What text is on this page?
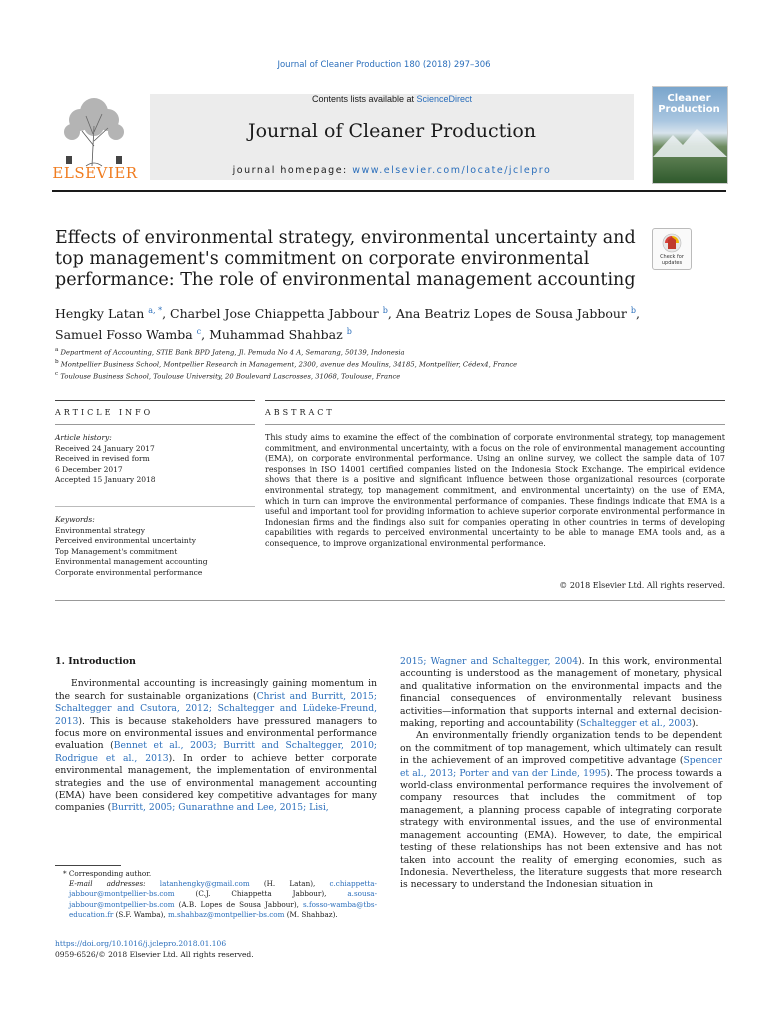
Journal of Cleaner Production 180 (2018) 297–306
ELSEVIER
Contents lists available at ScienceDirect
Journal of Cleaner Production
journal homepage: www.elsevier.com/locate/jclepro
Cleaner Production
Effects of environmental strategy, environmental uncertainty and top management's commitment on corporate environmental performance: The role of environmental management accounting
Check for updates
Hengky Latan $^{a, *}$, Charbel Jose Chiappetta Jabbour $^b$, Ana Beatriz Lopes de Sousa Jabbour $^b$,
Samuel Fosso Wamba $^c$, Muhammad Shahbaz $^b$
$^a$ Department of Accounting, STIE Bank BPD Jateng, Jl. Pemuda No 4 A, Semarang, 50139, Indonesia
$^b$ Montpellier Business School, Montpellier Research in Management, 2300, avenue des Moulins, 34185, Montpellier, Cédex4, France
$^c$ Toulouse Business School, Toulouse University, 20 Boulevard Lascrosses, 31068, Toulouse, France
ARTICLE INFO	ABSTRACT
Article history:
Received 24 January 2017
Received in revised form
6 December 2017
Accepted 15 January 2018
Keywords:
Environmental strategy
Perceived environmental uncertainty
Top Management's commitment
Environmental management accounting
Corporate environmental performance
This study aims to examine the effect of the combination of corporate environmental strategy, top management commitment, and environmental uncertainty, with a focus on the role of environmental management accounting (EMA), on corporate environmental performance. Using an online survey, we collect the sample data of 107 responses in ISO 14001 certified companies listed on the Indonesia Stock Exchange. The empirical evidence shows that there is a positive and significant influence between those organizational resources (corporate environmental strategy, top management commitment, and environmental uncertainty) on the use of EMA, which in turn can improve the environmental performance of companies. These findings indicate that EMA is a useful and important tool for providing information to achieve superior corporate environmental performance in Indonesian firms and the findings also suit for companies operating in other countries in terms of developing capabilities with regards to perceived environmental uncertainty to be able to manage EMA tools and, as a consequence, to improve organizational environmental performance.
© 2018 Elsevier Ltd. All rights reserved.
1. Introduction

Environmental accounting is increasingly gaining momentum in the search for sustainable organizations (Christ and Burritt, 2015; Schaltegger and Csutora, 2012; Schaltegger and Lüdeke-Freund, 2013). This is because stakeholders have pressured managers to focus more on environmental issues and environmental performance evaluation (Bennet et al., 2003; Burritt and Schaltegger, 2010; Rodrigue et al., 2013). In order to achieve better corporate environmental management, the implementation of environmental strategies and the use of environmental management accounting (EMA) have been considered key competitive advantages for many companies (Burritt, 2005; Gunarathne and Lee, 2015; Lisi,

2015; Wagner and Schaltegger, 2004). In this work, environmental accounting is understood as the management of monetary, physical and qualitative information on the environmental impacts and the financial consequences of environmentally relevant business activities—information that supports internal and external decision-making, reporting and accountability (Schaltegger et al., 2003).

An environmentally friendly organization tends to be dependent on the commitment of top management, which ultimately can result in the achievement of an improved competitive advantage (Spencer et al., 2013; Porter and van der Linde, 1995). The process towards a world-class environmental performance requires the involvement of company resources that includes the commitment of top management, a planning process capable of integrating corporate strategy with environmental issues, and the use of environmental management accounting (EMA). However, to date, the empirical testing of these relationships has not been extensive and has not taken into account the reality of emerging economies, such as Indonesia. Nevertheless, the literature suggests that more research is necessary to understand the Indonesian situation in

* Corresponding author.
E-mail addresses: latanhengky@gmail.com (H. Latan), c.chiappetta-jabbour@montpellier-bs.com (C.J. Chiappetta Jabbour), a.sousa-jabbour@montpellier-bs.com (A.B. Lopes de Sousa Jabbour), s.fosso-wamba@tbs-education.fr (S.F. Wamba), m.shahbaz@montpellier-bs.com (M. Shahbaz).
https://doi.org/10.1016/j.jclepro.2018.01.106
0959-6526/© 2018 Elsevier Ltd. All rights reserved.
